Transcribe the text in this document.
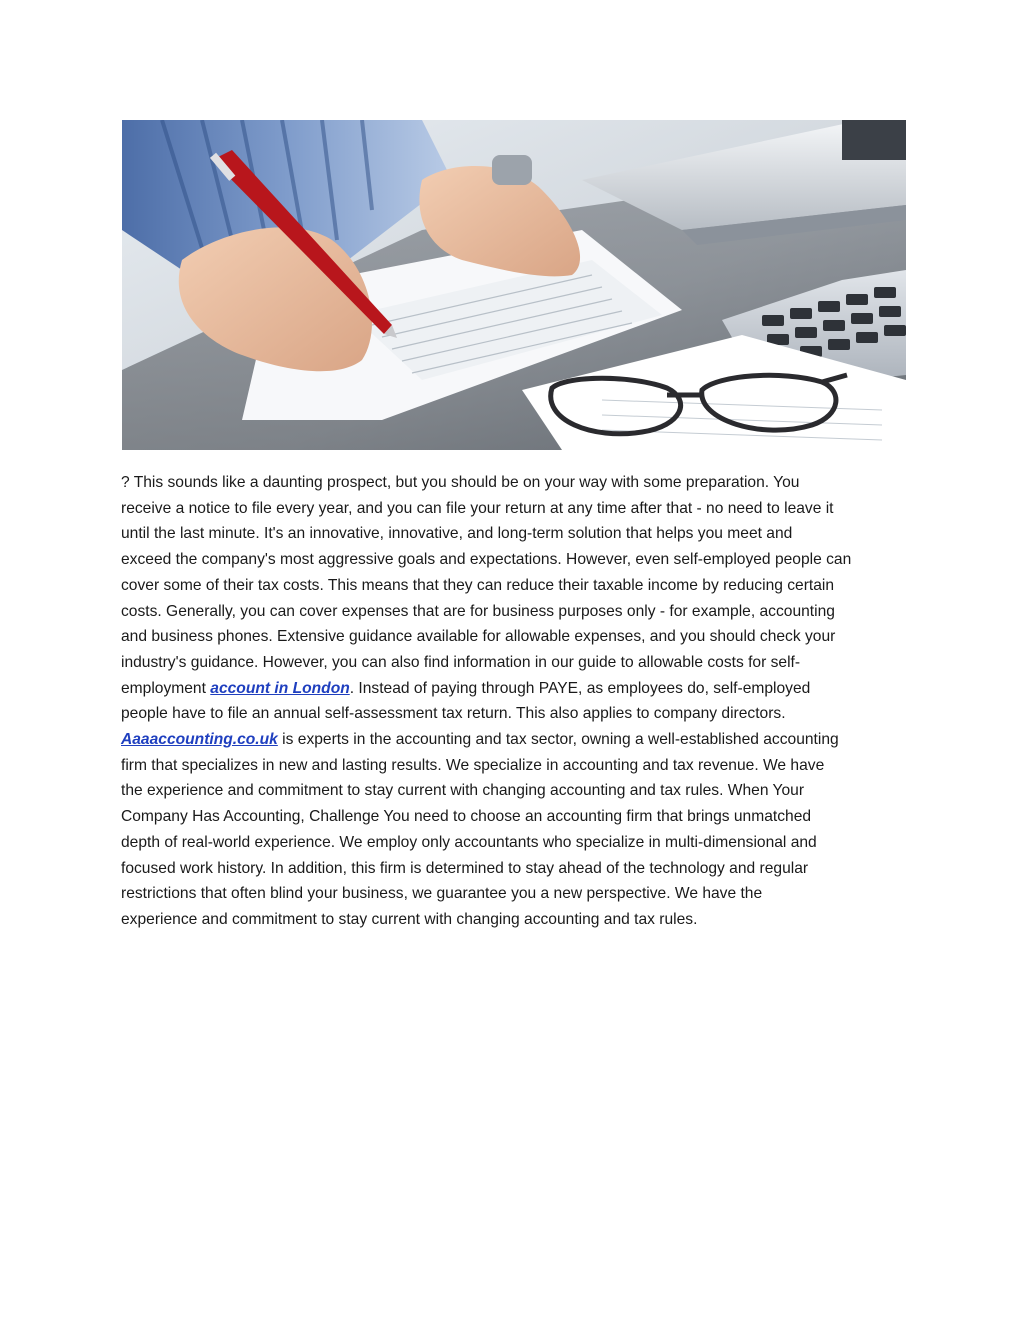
? This sounds like a daunting prospect, but you should be on your way with some preparation. You
receive a notice to file every year, and you can file your return at any time after that - no need to leave it
until the last minute. It's an innovative, innovative, and long-term solution that helps you meet and
exceed the company's most aggressive goals and expectations. However, even self-employed people can
cover some of their tax costs. This means that they can reduce their taxable income by reducing certain
costs. Generally, you can cover expenses that are for business purposes only - for example, accounting
and business phones. Extensive guidance available for allowable expenses, and you should check your
industry's guidance. However, you can also find information in our guide to allowable costs for self-
employment account in London. Instead of paying through PAYE, as employees do, self-employed
people have to file an annual self-assessment tax return. This also applies to company directors.
Aaaaccounting.co.uk is experts in the accounting and tax sector, owning a well-established accounting
firm that specializes in new and lasting results. We specialize in accounting and tax revenue. We have
the experience and commitment to stay current with changing accounting and tax rules. When Your
Company Has Accounting, Challenge You need to choose an accounting firm that brings unmatched
depth of real-world experience. We employ only accountants who specialize in multi-dimensional and
focused work history. In addition, this firm is determined to stay ahead of the technology and regular
restrictions that often blind your business, we guarantee you a new perspective. We have the
experience and commitment to stay current with changing accounting and tax rules.
